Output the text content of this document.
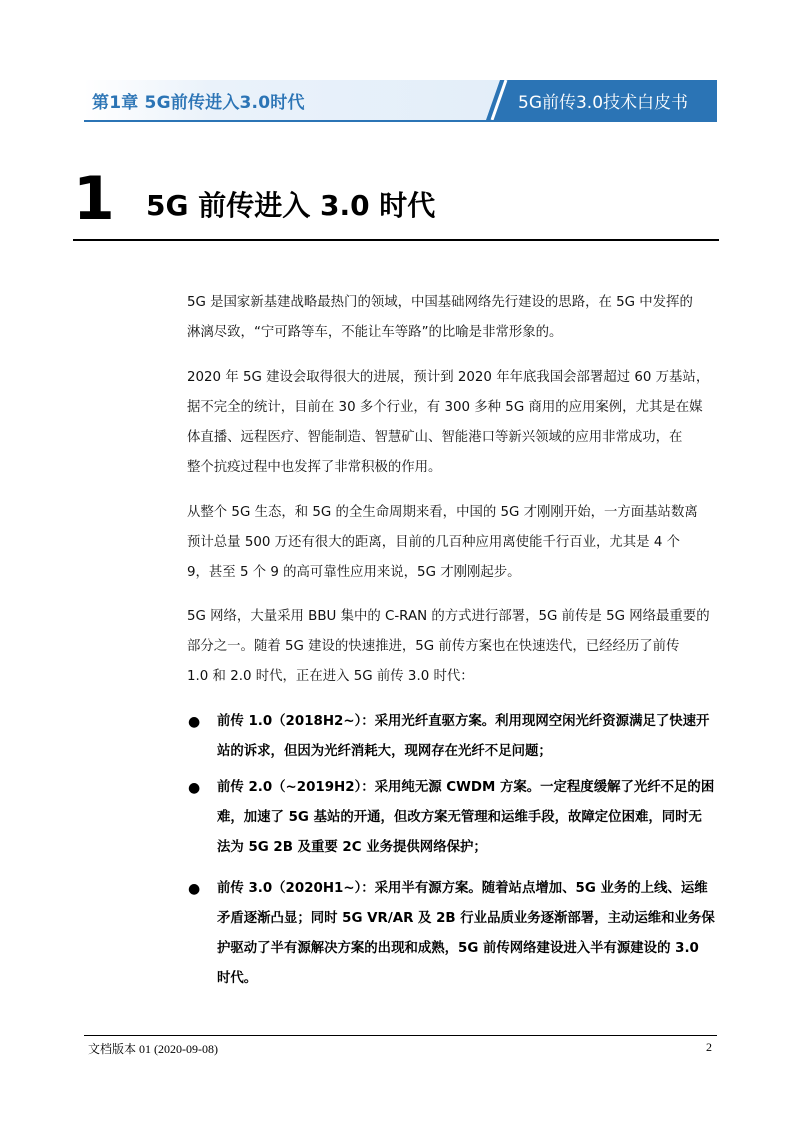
第1章 5G前传进入3.0时代	5G前传3.0技术白皮书
1 5G 前传进入 3.0 时代
5G 是国家新基建战略最热门的领域，中国基础网络先行建设的思路，在 5G 中发挥的
淋漓尽致，“宁可路等车，不能让车等路”的比喻是非常形象的。
2020 年 5G 建设会取得很大的进展，预计到 2020 年年底我国会部署超过 60 万基站，
据不完全的统计，目前在 30 多个行业，有 300 多种 5G 商用的应用案例，尤其是在媒
体直播、远程医疗、智能制造、智慧矿山、智能港口等新兴领域的应用非常成功，在
整个抗疫过程中也发挥了非常积极的作用。
从整个 5G 生态，和 5G 的全生命周期来看，中国的 5G 才刚刚开始，一方面基站数离
预计总量 500 万还有很大的距离，目前的几百种应用离使能千行百业，尤其是 4 个
9，甚至 5 个 9 的高可靠性应用来说，5G 才刚刚起步。
5G 网络，大量采用 BBU 集中的 C-RAN 的方式进行部署，5G 前传是 5G 网络最重要的
部分之一。随着 5G 建设的快速推进，5G 前传方案也在快速迭代，已经经历了前传
1.0 和 2.0 时代，正在进入 5G 前传 3.0 时代：
● 前传 1.0（2018H2~）：采用光纤直驱方案。利用现网空闲光纤资源满足了快速开
站的诉求，但因为光纤消耗大，现网存在光纤不足问题；
● 前传 2.0（~2019H2）：采用纯无源 CWDM 方案。一定程度缓解了光纤不足的困
难，加速了 5G 基站的开通，但改方案无管理和运维手段，故障定位困难，同时无
法为 5G 2B 及重要 2C 业务提供网络保护；
● 前传 3.0（2020H1~）：采用半有源方案。随着站点增加、5G 业务的上线、运维
矛盾逐渐凸显；同时 5G VR/AR 及 2B 行业品质业务逐渐部署，主动运维和业务保
护驱动了半有源解决方案的出现和成熟，5G 前传网络建设进入半有源建设的 3.0
时代。
文档版本 01 (2020-09-08)	2
